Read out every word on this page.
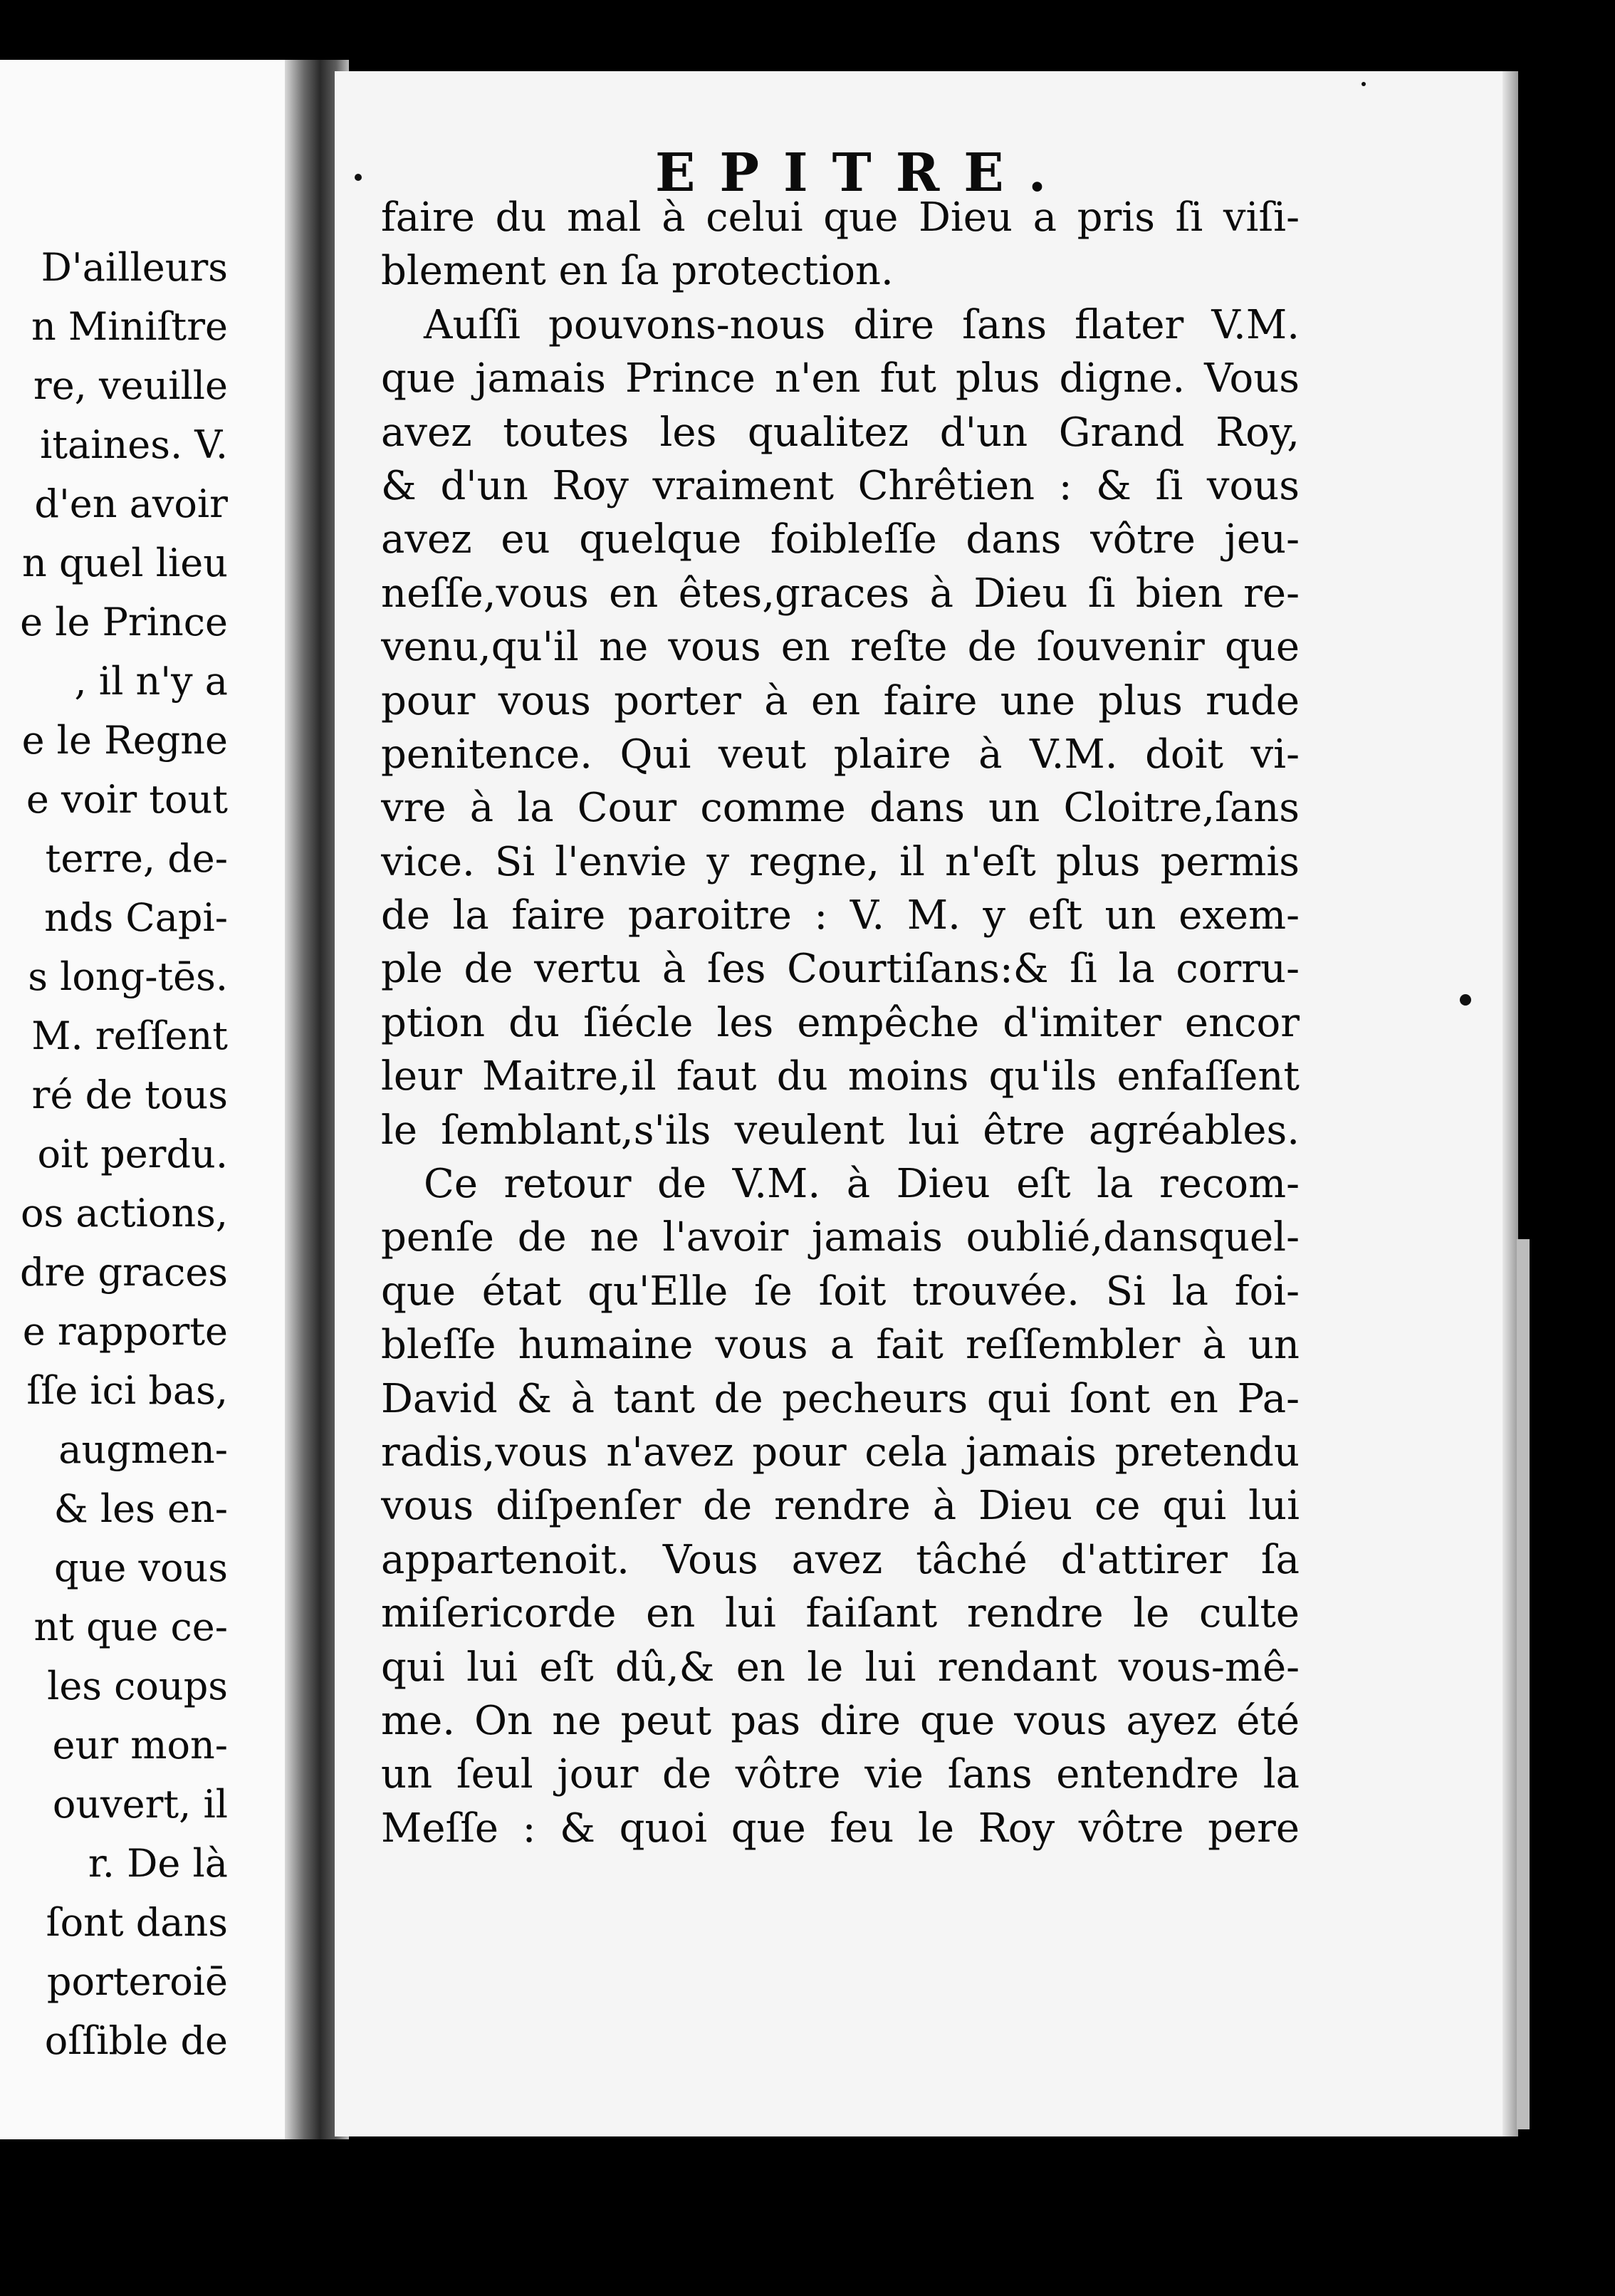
D'ailleurs
n Miniſtre
re, veuille
itaines. V.
d'en avoir
n quel lieu
e le Prince
, il n'y a
e le Regne
e voir tout
terre, de-
nds Capi-
s long-tēs.
M. reſſent
ré de tous
oit perdu.
os actions,
dre graces
e rapporte
ſſe ici bas,
augmen-
& les en-
que vous
nt que ce-
les coups
eur mon-
ouvert, il
r. De là
ſont dans
porteroiē
oſſible de
EPITRE.
faire du mal à celui que Dieu a pris ſi viſi-
blement en ſa protection.
Auſſi pouvons-nous dire ſans flater V.M.
que jamais Prince n'en fut plus digne. Vous
avez toutes les qualitez d'un Grand Roy,
& d'un Roy vraiment Chrêtien : & ſi vous
avez eu quelque foibleſſe dans vôtre jeu-
neſſe,vous en êtes,graces à Dieu ſi bien re-
venu,qu'il ne vous en reſte de ſouvenir que
pour vous porter à en faire une plus rude
penitence. Qui veut plaire à V.M. doit vi-
vre à la Cour comme dans un Cloitre,ſans
vice. Si l'envie y regne, il n'eſt plus permis
de la faire paroitre : V. M. y eſt un exem-
ple de vertu à ſes Courtiſans:& ſi la corru-
ption du ſiécle les empêche d'imiter encor
leur Maitre,il faut du moins qu'ils enfaſſent
le ſemblant,s'ils veulent lui être agréables.
Ce retour de V.M. à Dieu eſt la recom-
penſe de ne l'avoir jamais oublié,dansquel-
que état qu'Elle ſe ſoit trouvée. Si la foi-
bleſſe humaine vous a fait reſſembler à un
David & à tant de pecheurs qui ſont en Pa-
radis,vous n'avez pour cela jamais pretendu
vous diſpenſer de rendre à Dieu ce qui lui
appartenoit. Vous avez tâché d'attirer ſa
miſericorde en lui faiſant rendre le culte
qui lui eſt dû,& en le lui rendant vous-mê-
me. On ne peut pas dire que vous ayez été
un ſeul jour de vôtre vie ſans entendre la
Meſſe : & quoi que feu le Roy vôtre pere
